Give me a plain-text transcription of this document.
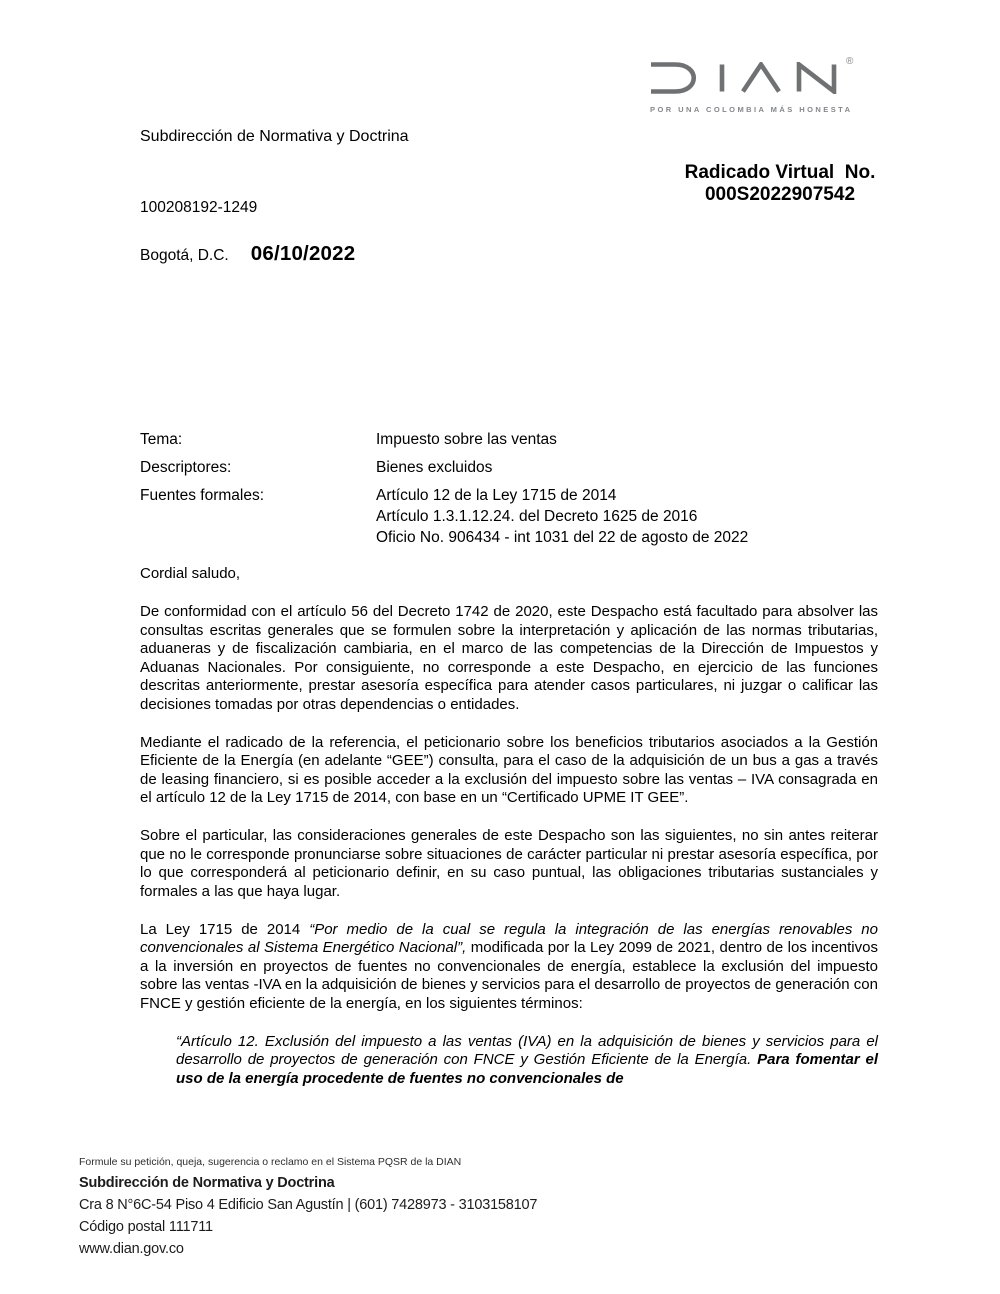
®
POR UNA COLOMBIA MÁS HONESTA
Subdirección de Normativa y Doctrina
Radicado Virtual  No.
000S2022907542
100208192-1249
Bogotá, D.C. 06/10/2022
Tema:	Impuesto sobre las ventas
Descriptores:	Bienes excluidos
Fuentes formales:	Artículo 12 de la Ley 1715 de 2014
Artículo 1.3.1.12.24. del Decreto 1625 de 2016
Oficio No. 906434 - int 1031 del 22 de agosto de 2022

Cordial saludo,

De conformidad con el artículo 56 del Decreto 1742 de 2020, este Despacho está facultado para absolver las consultas escritas generales que se formulen sobre la interpretación y aplicación de las normas tributarias, aduaneras y de fiscalización cambiaria, en el marco de las competencias de la Dirección de Impuestos y Aduanas Nacionales. Por consiguiente, no corresponde a este Despacho, en ejercicio de las funciones descritas anteriormente, prestar asesoría específica para atender casos particulares, ni juzgar o calificar las decisiones tomadas por otras dependencias o entidades.

Mediante el radicado de la referencia, el peticionario sobre los beneficios tributarios asociados a la Gestión Eficiente de la Energía (en adelante “GEE”) consulta, para el caso de la adquisición de un bus a gas a través de leasing financiero, si es posible acceder a la exclusión del impuesto sobre las ventas – IVA consagrada en el artículo 12 de la Ley 1715 de 2014, con base en un “Certificado UPME IT GEE”.

Sobre el particular, las consideraciones generales de este Despacho son las siguientes, no sin antes reiterar que no le corresponde pronunciarse sobre situaciones de carácter particular ni prestar asesoría específica, por lo que corresponderá al peticionario definir, en su caso puntual, las obligaciones tributarias sustanciales y formales a las que haya lugar.

La Ley 1715 de 2014 “Por medio de la cual se regula la integración de las energías renovables no convencionales al Sistema Energético Nacional”, modificada por la Ley 2099 de 2021, dentro de los incentivos a la inversión en proyectos de fuentes no convencionales de energía, establece la exclusión del impuesto sobre las ventas -IVA en la adquisición de bienes y servicios para el desarrollo de proyectos de generación con FNCE y gestión eficiente de la energía, en los siguientes términos:

“Artículo 12. Exclusión del impuesto a las ventas (IVA) en la adquisición de bienes y servicios para el desarrollo de proyectos de generación con FNCE y Gestión Eficiente de la Energía. Para fomentar el uso de la energía procedente de fuentes no convencionales de

Formule su petición, queja, sugerencia o reclamo en el Sistema PQSR de la DIAN
Subdirección de Normativa y Doctrina
Cra 8 N°6C-54 Piso 4 Edificio San Agustín | (601) 7428973 - 3103158107
Código postal 111711
www.dian.gov.co
